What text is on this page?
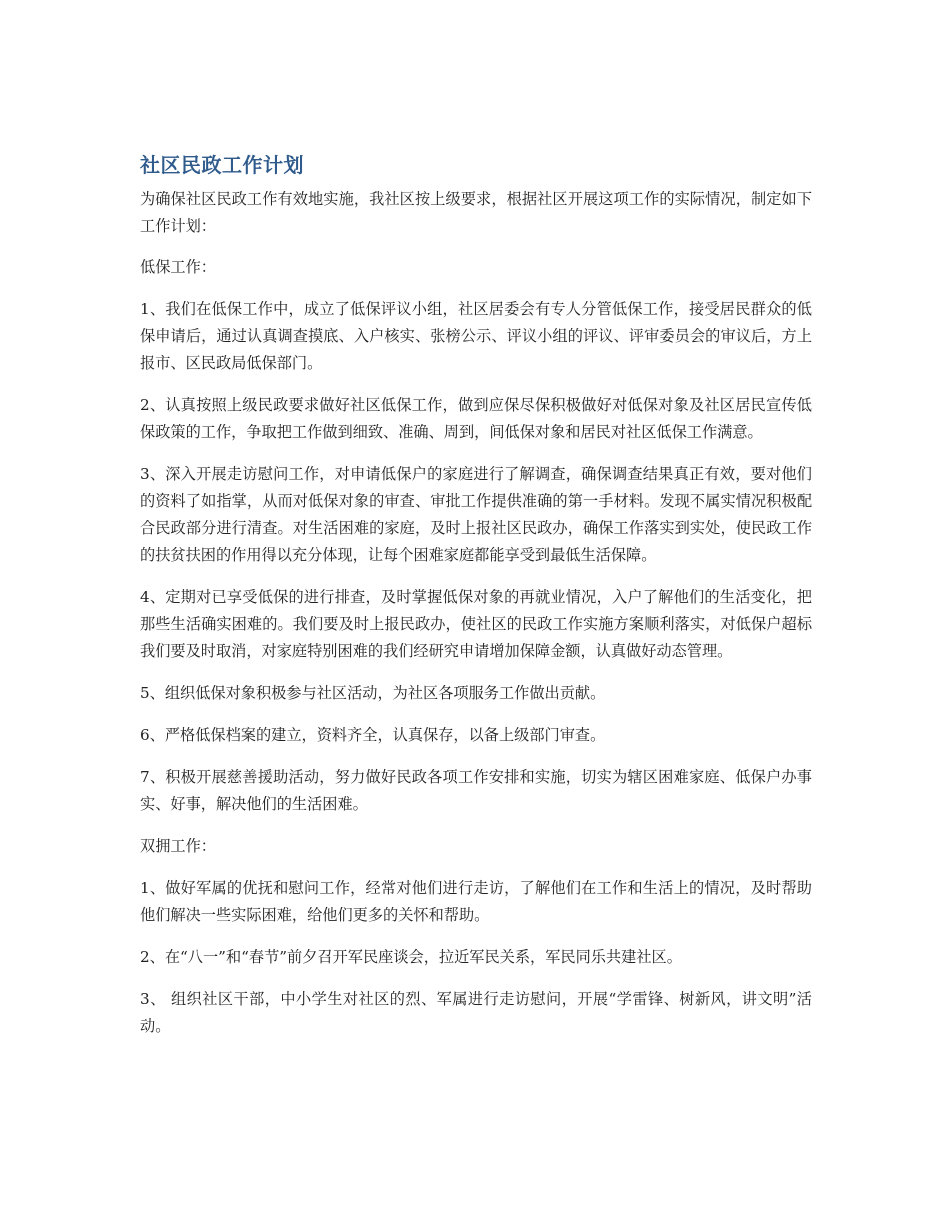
社区民政工作计划

为确保社区民政工作有效地实施，我社区按上级要求，根据社区开展这项工作的实际情况，制定如下工作计划：

低保工作：

1、我们在低保工作中，成立了低保评议小组，社区居委会有专人分管低保工作，接受居民群众的低保申请后，通过认真调查摸底、入户核实、张榜公示、评议小组的评议、评审委员会的审议后，方上报市、区民政局低保部门。

2、认真按照上级民政要求做好社区低保工作，做到应保尽保积极做好对低保对象及社区居民宣传低保政策的工作，争取把工作做到细致、准确、周到，间低保对象和居民对社区低保工作满意。

3、深入开展走访慰问工作，对申请低保户的家庭进行了解调查，确保调查结果真正有效，要对他们的资料了如指掌，从而对低保对象的审查、审批工作提供准确的第一手材料。发现不属实情况积极配合民政部分进行清查。对生活困难的家庭，及时上报社区民政办，确保工作落实到实处，使民政工作的扶贫扶困的作用得以充分体现，让每个困难家庭都能享受到最低生活保障。

4、定期对已享受低保的进行排查，及时掌握低保对象的再就业情况，入户了解他们的生活变化，把那些生活确实困难的。我们要及时上报民政办，使社区的民政工作实施方案顺利落实，对低保户超标我们要及时取消，对家庭特别困难的我们经研究申请增加保障金额，认真做好动态管理。

5、组织低保对象积极参与社区活动，为社区各项服务工作做出贡献。

6、严格低保档案的建立，资料齐全，认真保存，以备上级部门审查。

7、积极开展慈善援助活动，努力做好民政各项工作安排和实施，切实为辖区困难家庭、低保户办事实、好事，解决他们的生活困难。

双拥工作：

1、做好军属的优抚和慰问工作，经常对他们进行走访，了解他们在工作和生活上的情况，及时帮助他们解决一些实际困难，给他们更多的关怀和帮助。

2、在“八一”和“春节”前夕召开军民座谈会，拉近军民关系，军民同乐共建社区。

3、 组织社区干部，中小学生对社区的烈、军属进行走访慰问，开展“学雷锋、树新风，讲文明”活动。
